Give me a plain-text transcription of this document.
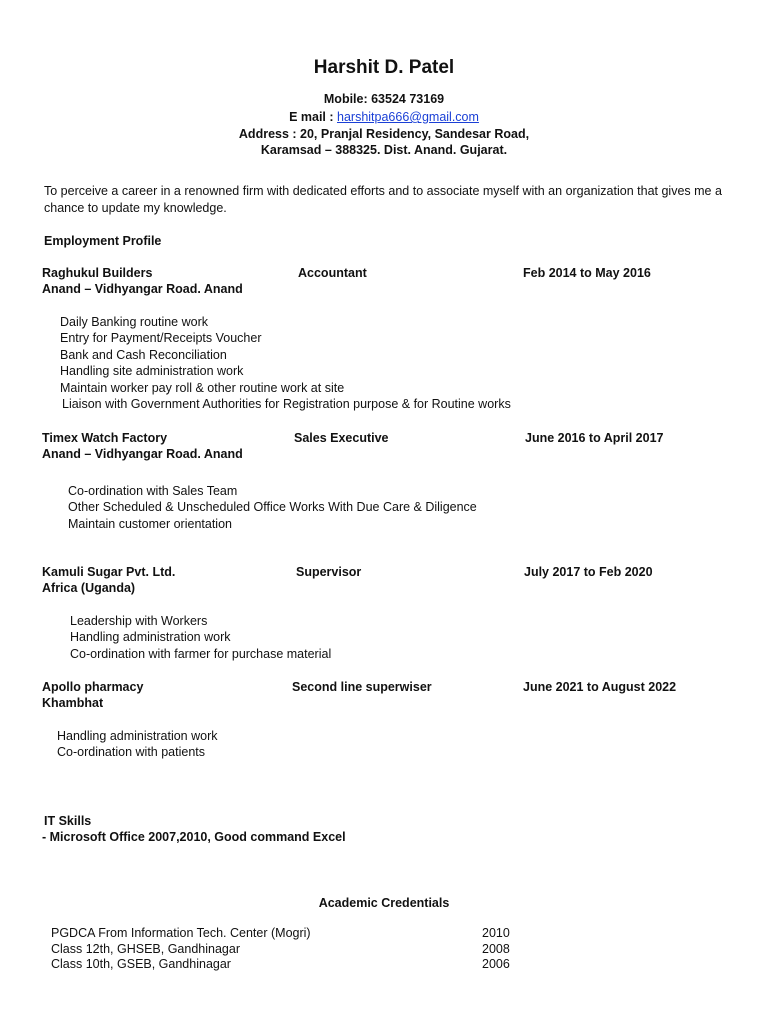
Harshit D. Patel
Mobile: 63524 73169
E mail : harshitpa666@gmail.com
Address : 20, Pranjal Residency, Sandesar Road,
Karamsad – 388325. Dist. Anand. Gujarat.
To perceive a career in a renowned firm with dedicated efforts and to associate myself with an organization that gives me a chance to update my knowledge.
Employment Profile
Raghukul Builders	Accountant	Feb 2014 to May 2016
Anand – Vidhyangar Road. Anand
Daily Banking routine work
Entry for Payment/Receipts Voucher
Bank and Cash Reconciliation
Handling site administration work
Maintain worker pay roll & other routine work at site
Liaison with Government Authorities for Registration purpose & for Routine works
Timex Watch Factory	Sales Executive	June 2016 to April 2017
Anand – Vidhyangar Road. Anand
Co-ordination with Sales Team
Other Scheduled & Unscheduled Office Works With Due Care & Diligence
Maintain customer orientation
Kamuli Sugar Pvt. Ltd.	Supervisor	July 2017 to Feb 2020
Africa (Uganda)
Leadership with Workers
Handling administration work
Co-ordination with farmer for purchase material
Apollo pharmacy	Second line superwiser	June 2021 to August 2022
Khambhat
Handling administration work
Co-ordination with patients
IT Skills
- Microsoft Office 2007,2010, Good command Excel
Academic Credentials
PGDCA From Information Tech. Center (Mogri)	2010
Class 12th, GHSEB, Gandhinagar	2008
Class 10th, GSEB, Gandhinagar	2006
